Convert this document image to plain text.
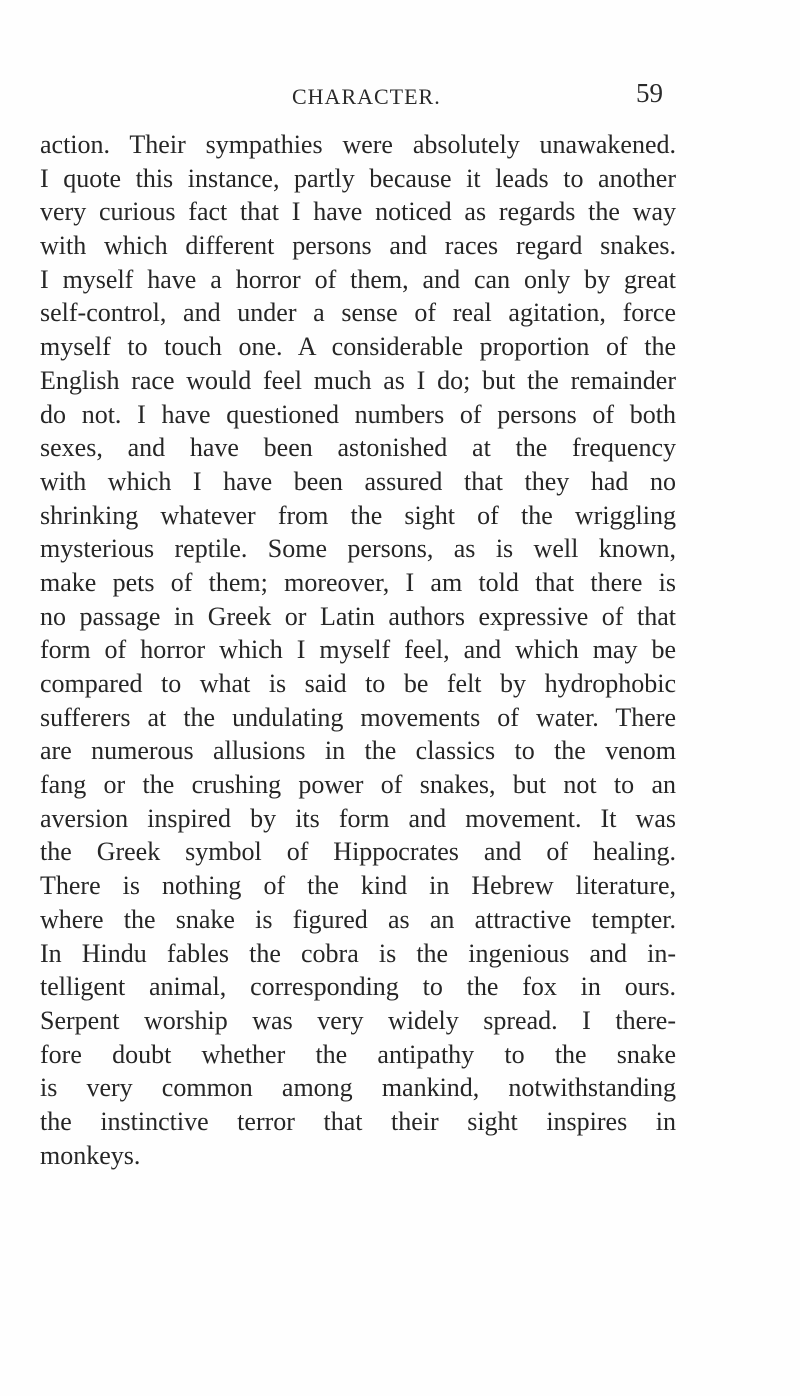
CHARACTER.	59
action. Their sympathies were absolutely unawakened.
I quote this instance, partly because it leads to another
very curious fact that I have noticed as regards the way
with which different persons and races regard snakes.
I myself have a horror of them, and can only by great
self-control, and under a sense of real agitation, force
myself to touch one. A considerable proportion of the
English race would feel much as I do; but the remainder
do not. I have questioned numbers of persons of both
sexes, and have been astonished at the frequency
with which I have been assured that they had no
shrinking whatever from the sight of the wriggling
mysterious reptile. Some persons, as is well known,
make pets of them; moreover, I am told that there is
no passage in Greek or Latin authors expressive of that
form of horror which I myself feel, and which may be
compared to what is said to be felt by hydrophobic
sufferers at the undulating movements of water. There
are numerous allusions in the classics to the venom
fang or the crushing power of snakes, but not to an
aversion inspired by its form and movement. It was
the Greek symbol of Hippocrates and of healing.
There is nothing of the kind in Hebrew literature,
where the snake is figured as an attractive tempter.
In Hindu fables the cobra is the ingenious and in-
telligent animal, corresponding to the fox in ours.
Serpent worship was very widely spread. I there-
fore doubt whether the antipathy to the snake
is very common among mankind, notwithstanding
the instinctive terror that their sight inspires in
monkeys.
